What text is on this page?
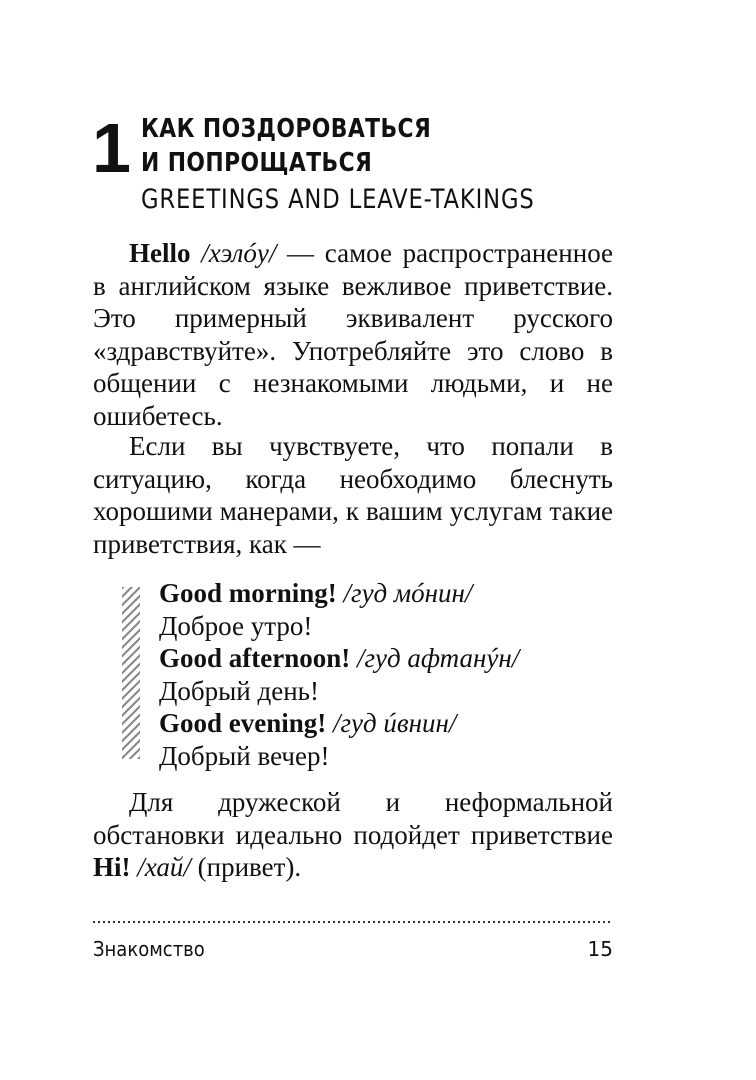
1 КАК ПОЗДОРОВАТЬСЯ
И ПОПРОЩАТЬСЯ
GREETINGS AND LEAVE-TAKINGS

Hello /хэлóу/ — самое распространенное в английском языке вежливое приветствие. Это примерный эквивалент русского «здравствуйте». Употребляйте это слово в общении с незнакомыми людьми, и не ошибетесь.

Если вы чувствуете, что попали в ситуацию, когда необходимо блеснуть хорошими манерами, к вашим услугам такие приветствия, как —

Good morning! /гуд мóнин/
Доброе утро!
Good afternoon! /гуд афтанýн/
Добрый день!
Good evening! /гуд úвнин/
Добрый вечер!

Для дружеской и неформальной обстановки идеально подойдет приветствие Hi! /хай/ (привет).

Знакомство	15
